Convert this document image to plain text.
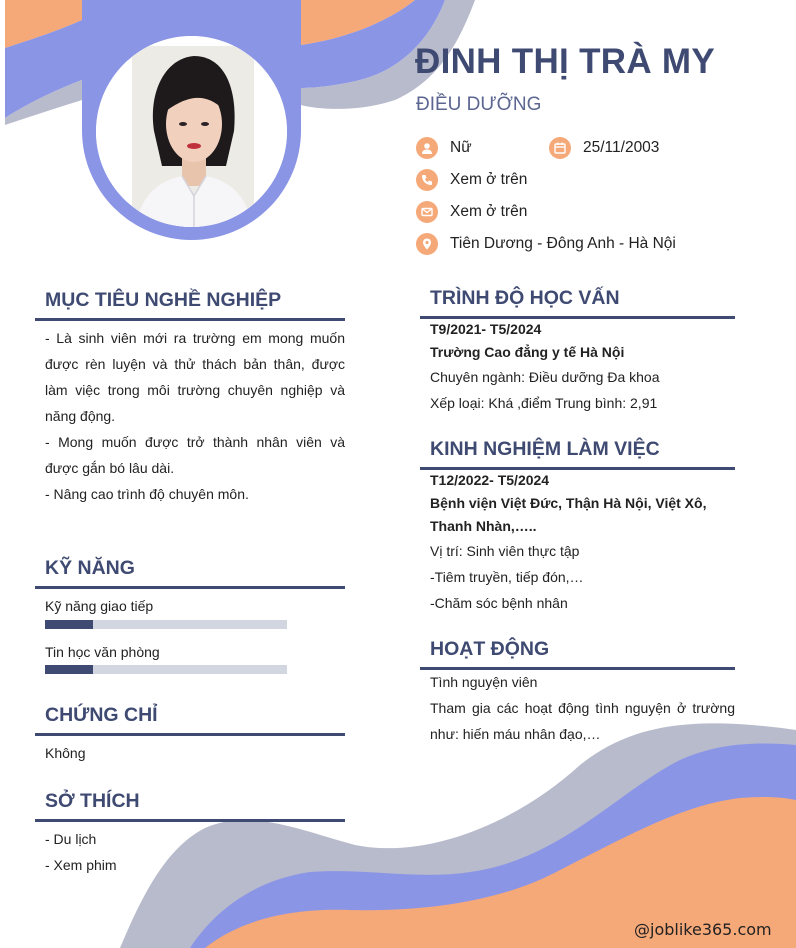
ĐINH THỊ TRÀ MY
ĐIỀU DƯỠNG
Nữ	25/11/2003
Xem ở trên
Xem ở trên
Tiên Dương - Đông Anh - Hà Nội
MỤC TIÊU NGHỀ NGHIỆP
- Là sinh viên mới ra trường em mong muốn được rèn luyện và thử thách bản thân, được làm việc trong môi trường chuyên nghiệp và năng động.
- Mong muốn được trở thành nhân viên và được gắn bó lâu dài.
- Nâng cao trình độ chuyên môn.
KỸ NĂNG
Kỹ năng giao tiếp
Tin học văn phòng
CHỨNG CHỈ
Không
SỞ THÍCH
- Du lịch
- Xem phim
TRÌNH ĐỘ HỌC VẤN
T9/2021- T5/2024
Trường Cao đẳng y tế Hà Nội
Chuyên ngành: Điều dưỡng Đa khoa
Xếp loại: Khá ,điểm Trung bình: 2,91
KINH NGHIỆM LÀM VIỆC
T12/2022- T5/2024
Bệnh viện Việt Đức, Thận Hà Nội, Việt Xô, Thanh Nhàn,…..
Vị trí: Sinh viên thực tập
-Tiêm truyền, tiếp đón,…
-Chăm sóc bệnh nhân
HOẠT ĐỘNG
Tình nguyện viên
Tham gia các hoạt động tình nguyện ở trường như: hiến máu nhân đạo,…
@joblike365.com
